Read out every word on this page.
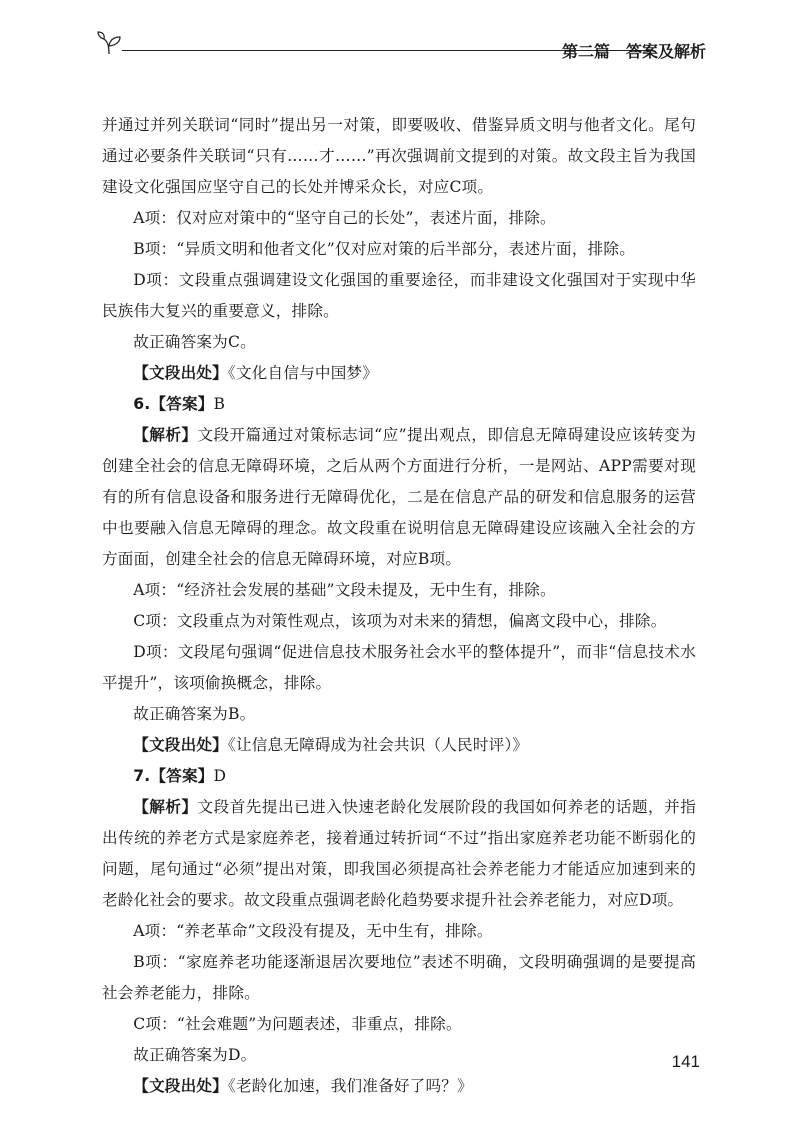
第二篇　答案及解析

并通过并列关联词“同时”提出另一对策，即要吸收、借鉴异质文明与他者文化。尾句通过必要条件关联词“只有……才……”再次强调前文提到的对策。故文段主旨为我国建设文化强国应坚守自己的长处并博采众长，对应C项。

A项：仅对应对策中的“坚守自己的长处”，表述片面，排除。

B项：“异质文明和他者文化”仅对应对策的后半部分，表述片面，排除。

D项：文段重点强调建设文化强国的重要途径，而非建设文化强国对于实现中华民族伟大复兴的重要意义，排除。

故正确答案为C。

【文段出处】《文化自信与中国梦》

6.【答案】B

【解析】文段开篇通过对策标志词“应”提出观点，即信息无障碍建设应该转变为创建全社会的信息无障碍环境，之后从两个方面进行分析，一是网站、APP需要对现有的所有信息设备和服务进行无障碍优化，二是在信息产品的研发和信息服务的运营中也要融入信息无障碍的理念。故文段重在说明信息无障碍建设应该融入全社会的方方面面，创建全社会的信息无障碍环境，对应B项。

A项：“经济社会发展的基础”文段未提及，无中生有，排除。

C项：文段重点为对策性观点，该项为对未来的猜想，偏离文段中心，排除。

D项：文段尾句强调“促进信息技术服务社会水平的整体提升”，而非“信息技术水平提升”，该项偷换概念，排除。

故正确答案为B。

【文段出处】《让信息无障碍成为社会共识（人民时评）》

7.【答案】D

【解析】文段首先提出已进入快速老龄化发展阶段的我国如何养老的话题，并指出传统的养老方式是家庭养老，接着通过转折词“不过”指出家庭养老功能不断弱化的问题，尾句通过“必须”提出对策，即我国必须提高社会养老能力才能适应加速到来的老龄化社会的要求。故文段重点强调老龄化趋势要求提升社会养老能力，对应D项。

A项：“养老革命”文段没有提及，无中生有，排除。

B项：“家庭养老功能逐渐退居次要地位”表述不明确，文段明确强调的是要提高社会养老能力，排除。

C项：“社会难题”为问题表述，非重点，排除。

故正确答案为D。

【文段出处】《老龄化加速，我们准备好了吗？》

141
